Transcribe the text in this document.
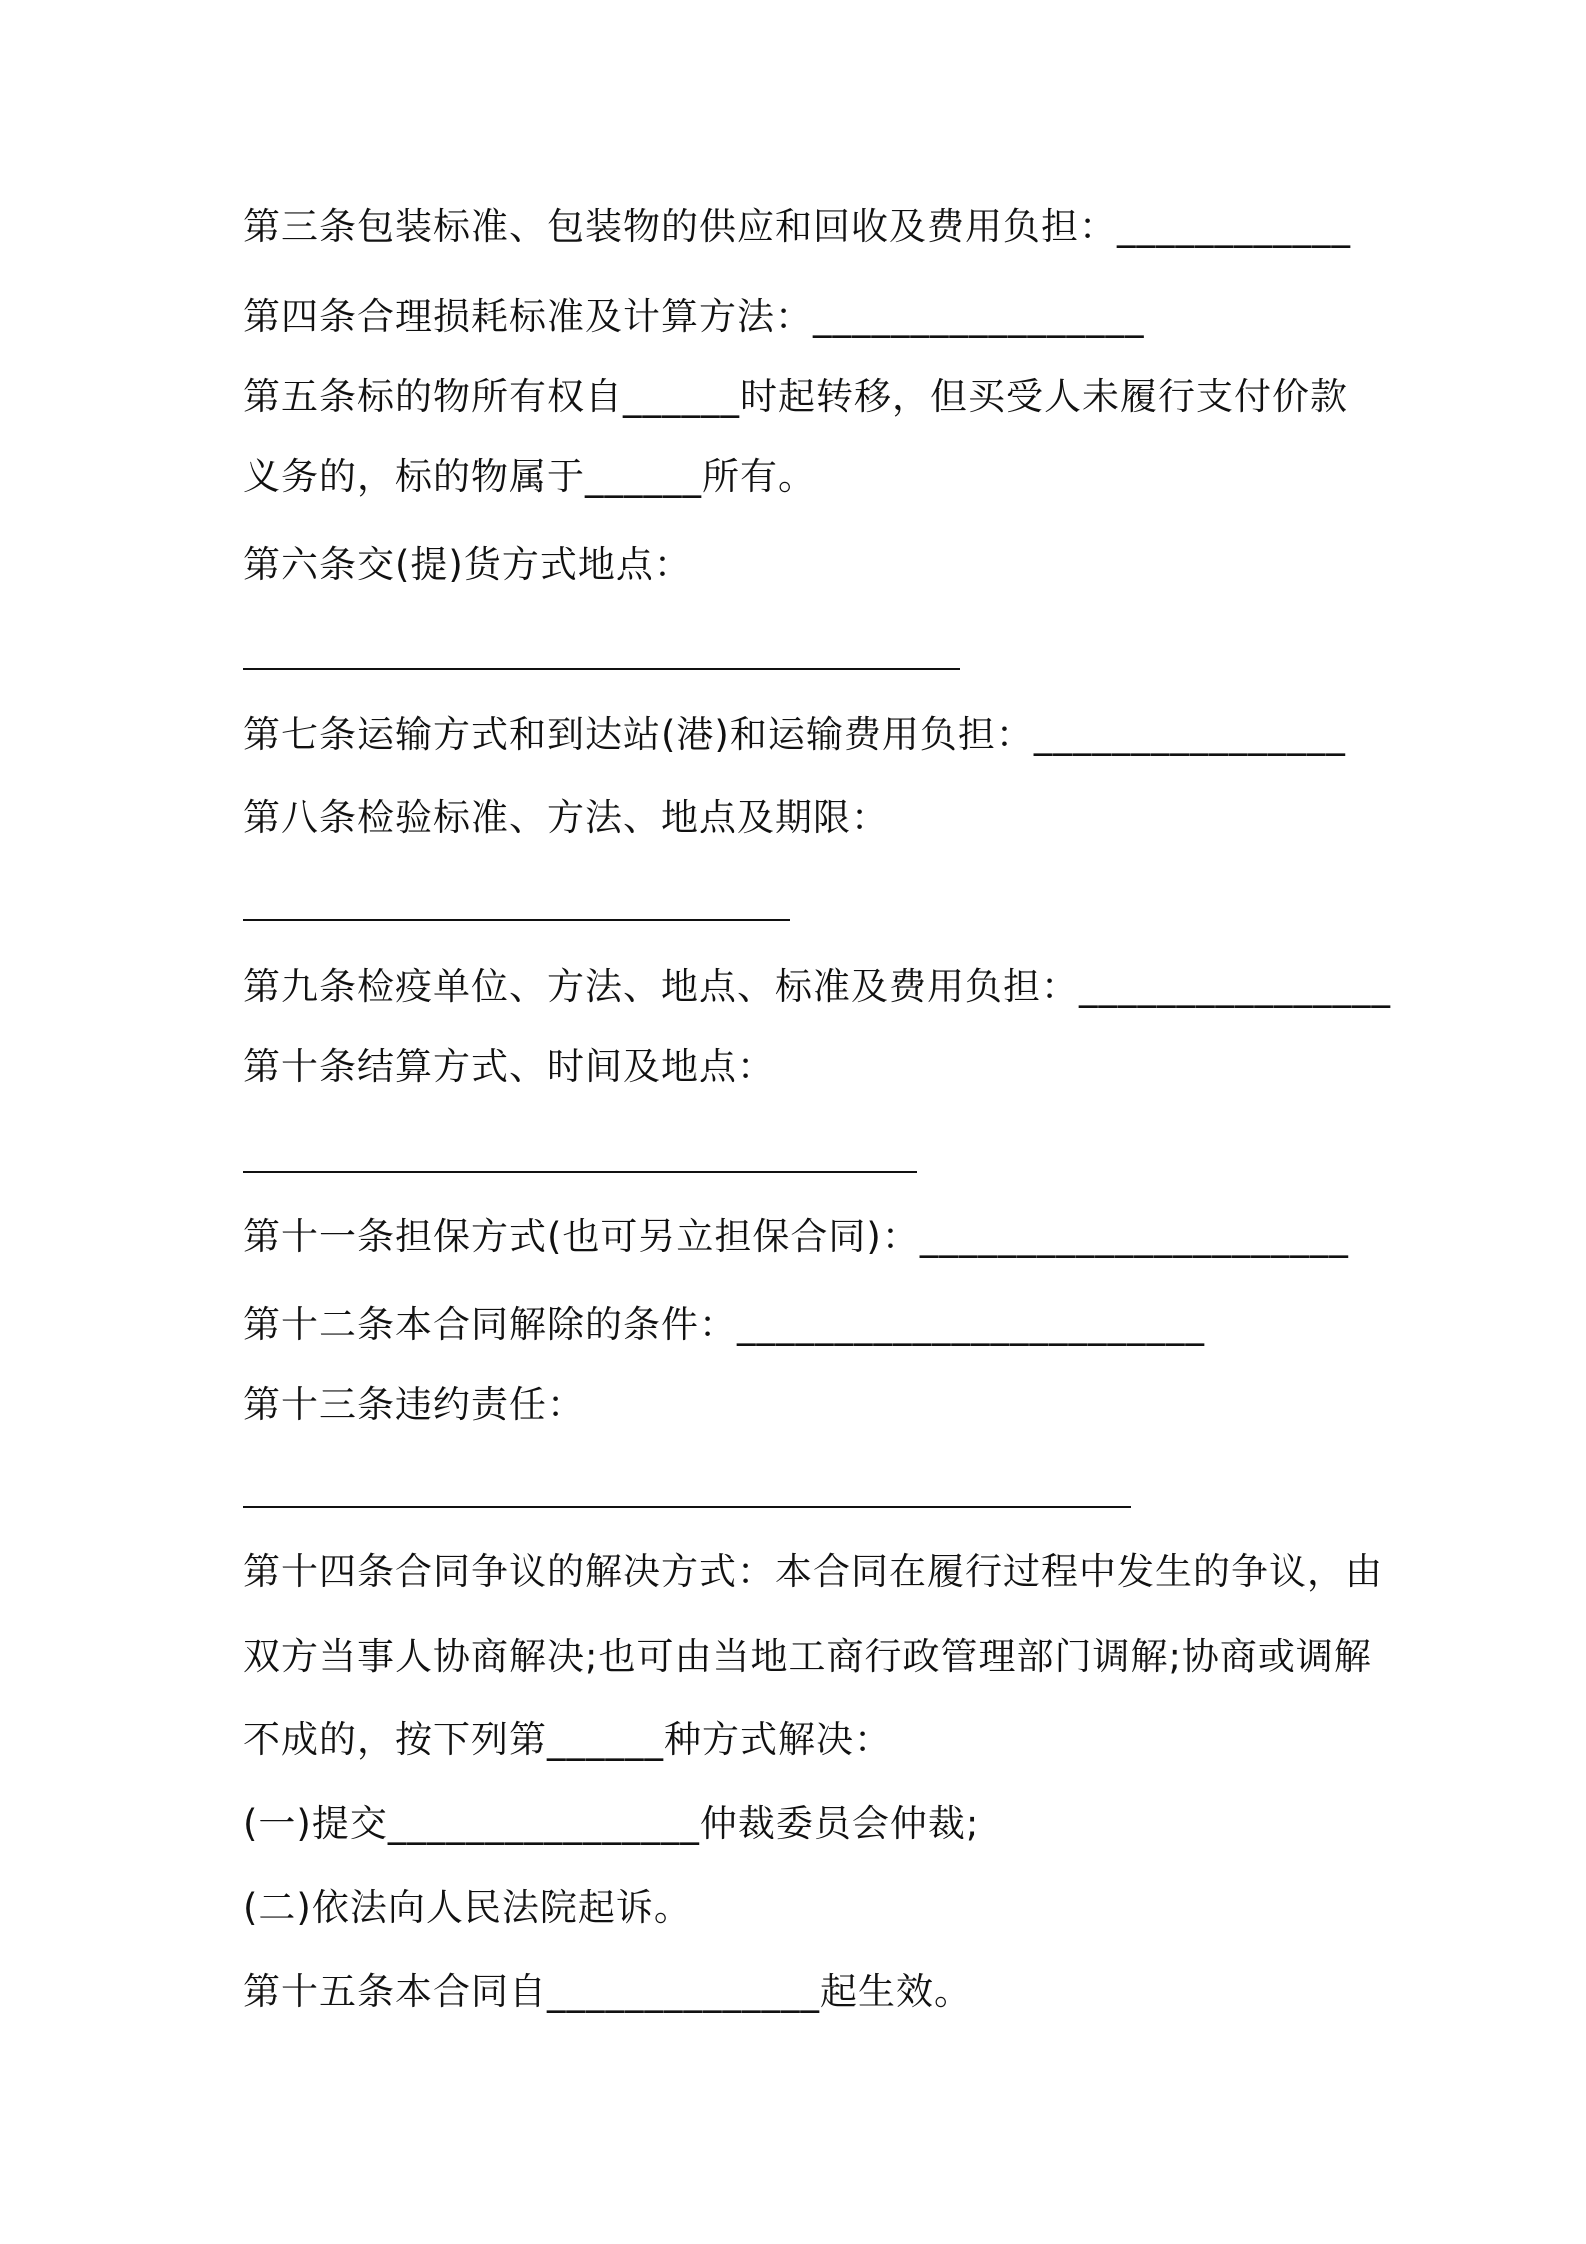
第三条包装标准、包装物的供应和回收及费用负担：____________
第四条合理损耗标准及计算方法：_________________
第五条标的物所有权自______时起转移，但买受人未履行支付价款
义务的，标的物属于______所有。
第六条交(提)货方式地点：
第七条运输方式和到达站(港)和运输费用负担：________________
第八条检验标准、方法、地点及期限：
第九条检疫单位、方法、地点、标准及费用负担：________________
第十条结算方式、时间及地点：
第十一条担保方式(也可另立担保合同)：______________________
第十二条本合同解除的条件：________________________
第十三条违约责任：
第十四条合同争议的解决方式：本合同在履行过程中发生的争议，由
双方当事人协商解决;也可由当地工商行政管理部门调解;协商或调解
不成的，按下列第______种方式解决：
(一)提交________________仲裁委员会仲裁;
(二)依法向人民法院起诉。
第十五条本合同自______________起生效。
